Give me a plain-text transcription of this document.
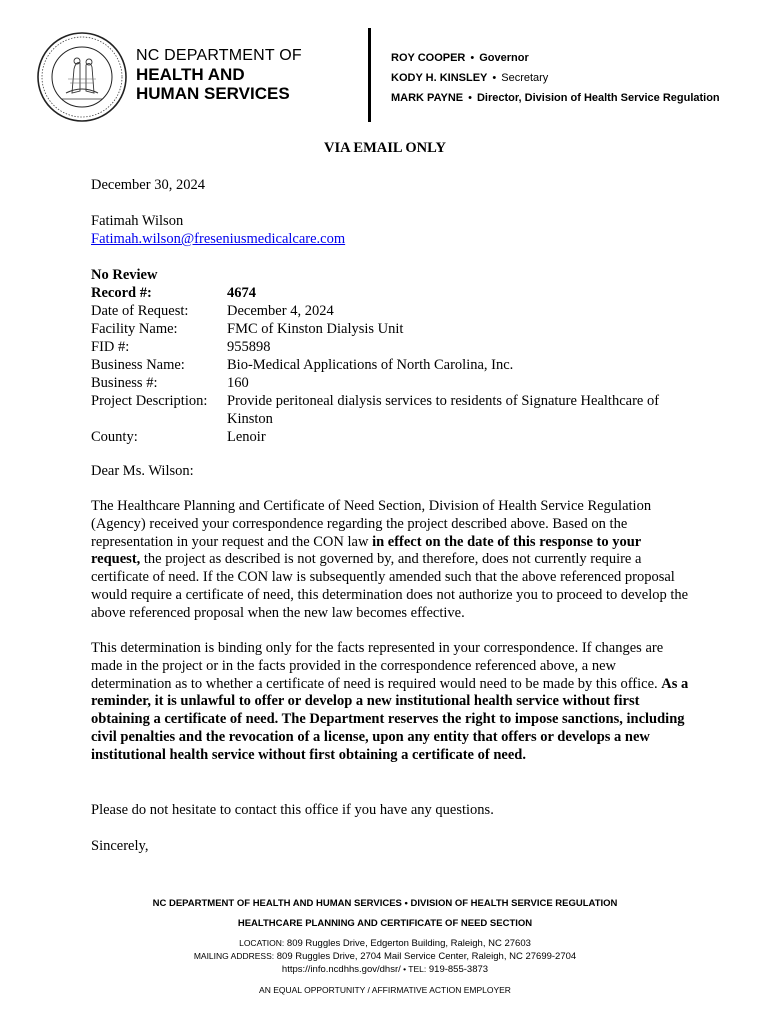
NC DEPARTMENT OF
HEALTH AND
HUMAN SERVICES
ROY COOPER • Governor
KODY H. KINSLEY • Secretary
MARK PAYNE • Director, Division of Health Service Regulation
VIA EMAIL ONLY
December 30, 2024
Fatimah Wilson
Fatimah.wilson@freseniusmedicalcare.com
No Review
Record #:	4674
Date of Request:	December 4, 2024
Facility Name:	FMC of Kinston Dialysis Unit
FID #:	955898
Business Name:	Bio-Medical Applications of North Carolina, Inc.
Business #:	160
Project Description: Provide peritoneal dialysis services to residents of Signature Healthcare of
Kinston
County:	Lenoir
Dear Ms. Wilson:

The Healthcare Planning and Certificate of Need Section, Division of Health Service Regulation (Agency) received your correspondence regarding the project described above. Based on the representation in your request and the CON law in effect on the date of this response to your request, the project as described is not governed by, and therefore, does not currently require a certificate of need. If the CON law is subsequently amended such that the above referenced proposal would require a certificate of need, this determination does not authorize you to proceed to develop the above referenced proposal when the new law becomes effective.

This determination is binding only for the facts represented in your correspondence. If changes are made in the project or in the facts provided in the correspondence referenced above, a new determination as to whether a certificate of need is required would need to be made by this office. As a reminder, it is unlawful to offer or develop a new institutional health service without first obtaining a certificate of need. The Department reserves the right to impose sanctions, including civil penalties and the revocation of a license, upon any entity that offers or develops a new institutional health service without first obtaining a certificate of need.

Please do not hesitate to contact this office if you have any questions.
Sincerely,
NC DEPARTMENT OF HEALTH AND HUMAN SERVICES • DIVISION OF HEALTH SERVICE REGULATION
HEALTHCARE PLANNING AND CERTIFICATE OF NEED SECTION
LOCATION: 809 Ruggles Drive, Edgerton Building, Raleigh, NC 27603
MAILING ADDRESS: 809 Ruggles Drive, 2704 Mail Service Center, Raleigh, NC 27699-2704
https://info.ncdhhs.gov/dhsr/ • TEL: 919-855-3873
AN EQUAL OPPORTUNITY / AFFIRMATIVE ACTION EMPLOYER
